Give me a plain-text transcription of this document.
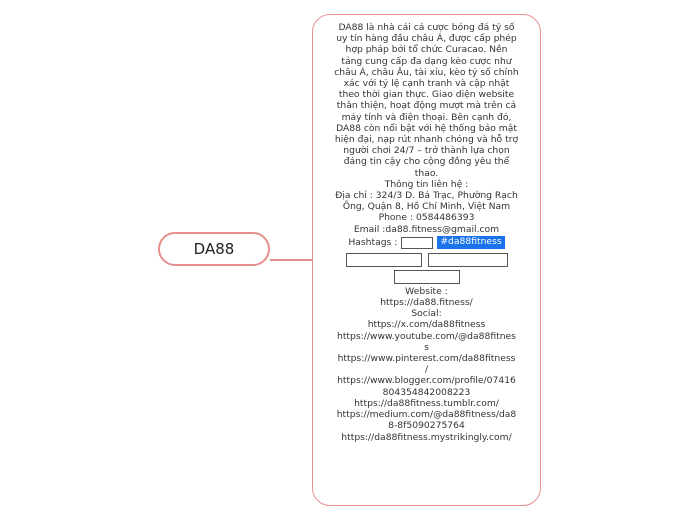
DA88
DA88 là nhà cái cá cược bóng đá tỷ số
uy tín hàng đầu châu Á, được cấp phép
hợp pháp bởi tổ chức Curacao. Nền
tảng cung cấp đa dạng kèo cược như
châu Á, châu Âu, tài xỉu, kèo tỷ số chính
xác với tỷ lệ cạnh tranh và cập nhật
theo thời gian thực. Giao diện website
thân thiện, hoạt động mượt mà trên cả
máy tính và điện thoại. Bên cạnh đó,
DA88 còn nổi bật với hệ thống bảo mật
hiện đại, nạp rút nhanh chóng và hỗ trợ
người chơi 24/7 – trở thành lựa chọn
đáng tin cậy cho cộng đồng yêu thể
thao.
Thông tin liên hệ :
Địa chỉ : 324/3 D. Bá Trạc, Phường Rạch
Ông, Quận 8, Hồ Chí Minh, Việt Nam
Phone : 0584486393
Email :da88.fitness@gmail.com
Hashtags :	#da88fitness
Website :
https://da88.fitness/
Social:
https://x.com/da88fitness
https://www.youtube.com/@da88fitnes
s
https://www.pinterest.com/da88fitness
/
https://www.blogger.com/profile/07416
804354842008223
https://da88fitness.tumblr.com/
https://medium.com/@da88fitness/da8
8-8f5090275764
https://da88fitness.mystrikingly.com/
